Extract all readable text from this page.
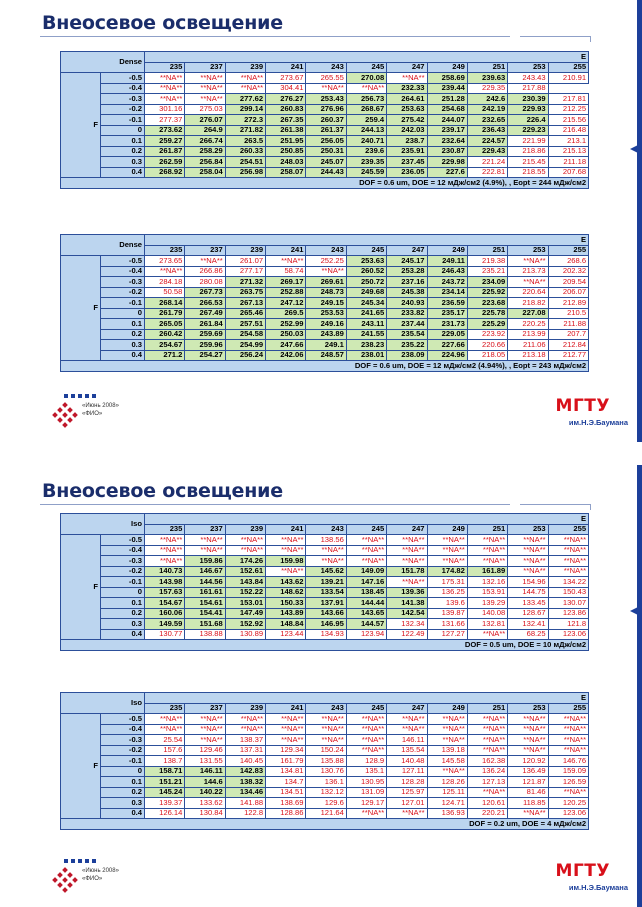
Внеосевое освещение
Dense		E										
		235	237	239	241	243	245	247	249	251	253	255
F	-0.5	**NA**	**NA**	**NA**	273.67	265.55	270.08	**NA**	258.69	239.63	243.43	210.91
	-0.4	**NA**	**NA**	**NA**	304.41	**NA**	**NA**	232.33	239.44	229.35	217.88	
	-0.3	**NA**	**NA**	277.62	276.27	253.43	256.73	264.61	251.28	242.6	230.39	217.81
	-0.2	301.16	275.03	299.14	260.83	276.96	268.67	253.63	254.68	242.19	229.93	212.25
	-0.1	277.37	276.07	272.3	267.35	260.37	259.4	275.42	244.07	232.65	226.4	215.56
	0	273.62	264.9	271.82	261.38	261.37	244.13	242.03	239.17	236.43	229.23	216.48
	0.1	259.27	266.74	263.5	251.95	256.05	240.71	238.7	232.64	224.57	221.99	213.1
	0.2	261.87	258.29	260.33	250.85	250.31	239.6	235.91	230.87	229.43	218.86	215.13
	0.3	262.59	256.84	254.51	248.03	245.07	239.35	237.45	229.98	221.24	215.45	211.18
	0.4	268.92	258.04	256.98	258.07	244.43	245.59	236.05	227.6	222.81	218.55	207.68
DOF = 0.6 um, DOE = 12 мДж/см2 (4.9%), , Eopt = 244 мДж/см2												
Dense		E										
		235	237	239	241	243	245	247	249	251	253	255
F	-0.5	273.65	**NA**	261.07	**NA**	252.25	253.63	245.17	249.11	219.38	**NA**	268.6
	-0.4	**NA**	266.86	277.17	58.74	**NA**	260.52	253.28	246.43	235.21	213.73	202.32
	-0.3	284.18	280.08	271.32	269.17	269.61	250.72	237.16	243.72	234.09	**NA**	209.54
	-0.2	50.58	267.73	263.75	252.88	248.73	249.68	245.38	234.14	225.92	220.64	206.07
	-0.1	268.14	266.53	267.13	247.12	249.15	245.34	240.93	236.59	223.68	218.82	212.89
	0	261.79	267.49	265.46	269.5	253.53	241.65	233.82	235.17	225.78	227.08	210.5
	0.1	265.05	261.84	257.51	252.99	249.16	243.11	237.44	231.73	225.29	220.25	211.88
	0.2	260.42	259.69	254.58	250.03	243.89	241.55	235.54	229.05	223.92	213.99	207.7
	0.3	254.67	259.96	254.99	247.66	249.1	238.23	235.22	227.66	220.66	211.06	212.84
	0.4	271.2	254.27	256.24	242.06	248.57	238.01	238.09	224.96	218.05	213.18	212.77
DOF = 0.6 um, DOE = 12 мДж/см2 (4.94%), , Eopt = 243 мДж/см2												
«Июнь 2008»
«ФИО»	МГТУ
им.Н.Э.Баумана
Внеосевое освещение
Iso		E										
		235	237	239	241	243	245	247	249	251	253	255
F	-0.5	**NA**	**NA**	**NA**	**NA**	138.56	**NA**	**NA**	**NA**	**NA**	**NA**	**NA**
	-0.4	**NA**	**NA**	**NA**	**NA**	**NA**	**NA**	**NA**	**NA**	**NA**	**NA**	**NA**
	-0.3	**NA**	159.86	174.26	159.98	**NA**	**NA**	**NA**	**NA**	**NA**	**NA**	**NA**
	-0.2	140.73	146.67	152.61	**NA**	145.62	149.09	151.78	174.82	161.89	**NA**	**NA**
	-0.1	143.98	144.56	143.84	143.62	139.21	147.16	**NA**	175.31	132.16	154.96	134.22
	0	157.63	161.61	152.22	148.62	133.54	138.45	139.36	136.25	153.91	144.75	150.43
	0.1	154.67	154.61	153.01	150.33	137.91	144.44	141.38	139.6	139.29	133.45	130.07
	0.2	160.06	154.41	147.49	143.89	143.66	143.65	142.54	139.87	140.08	128.67	123.86
	0.3	149.59	151.68	152.92	148.84	146.95	144.57	132.34	131.66	132.81	132.41	121.8
	0.4	130.77	138.88	130.89	123.44	134.93	123.94	122.49	127.27	**NA**	68.25	123.06
DOF = 0.5 um, DOE = 10 мДж/см2												
Iso		E										
		235	237	239	241	243	245	247	249	251	253	255
F	-0.5	**NA**	**NA**	**NA**	**NA**	**NA**	**NA**	**NA**	**NA**	**NA**	**NA**	**NA**
	-0.4	**NA**	**NA**	**NA**	**NA**	**NA**	**NA**	**NA**	**NA**	**NA**	**NA**	**NA**
	-0.3	25.54	**NA**	138.37	**NA**	**NA**	**NA**	146.11	**NA**	**NA**	**NA**	**NA**
	-0.2	157.6	129.46	137.31	129.34	150.24	**NA**	135.54	139.18	**NA**	**NA**	**NA**
	-0.1	138.7	131.55	140.45	161.79	135.88	128.9	140.48	145.58	162.38	120.92	146.76
	0	158.71	146.11	142.83	134.81	130.76	135.1	127.11	**NA**	136.24	136.49	159.09
	0.1	151.21	144.6	138.32	134.7	136.1	130.95	128.28	128.26	127.13	121.87	126.59
	0.2	145.24	140.22	134.46	134.51	132.12	131.09	125.97	125.11	**NA**	81.46	**NA**
	0.3	139.37	133.62	141.88	138.69	129.6	129.17	127.01	124.71	120.61	118.85	120.25
	0.4	126.14	130.84	122.8	128.86	121.64	**NA**	**NA**	136.93	220.21	**NA**	123.06
DOF = 0.2 um, DOE = 4 мДж/см2												
«Июнь 2008»
«ФИО»	МГТУ
им.Н.Э.Баумана
